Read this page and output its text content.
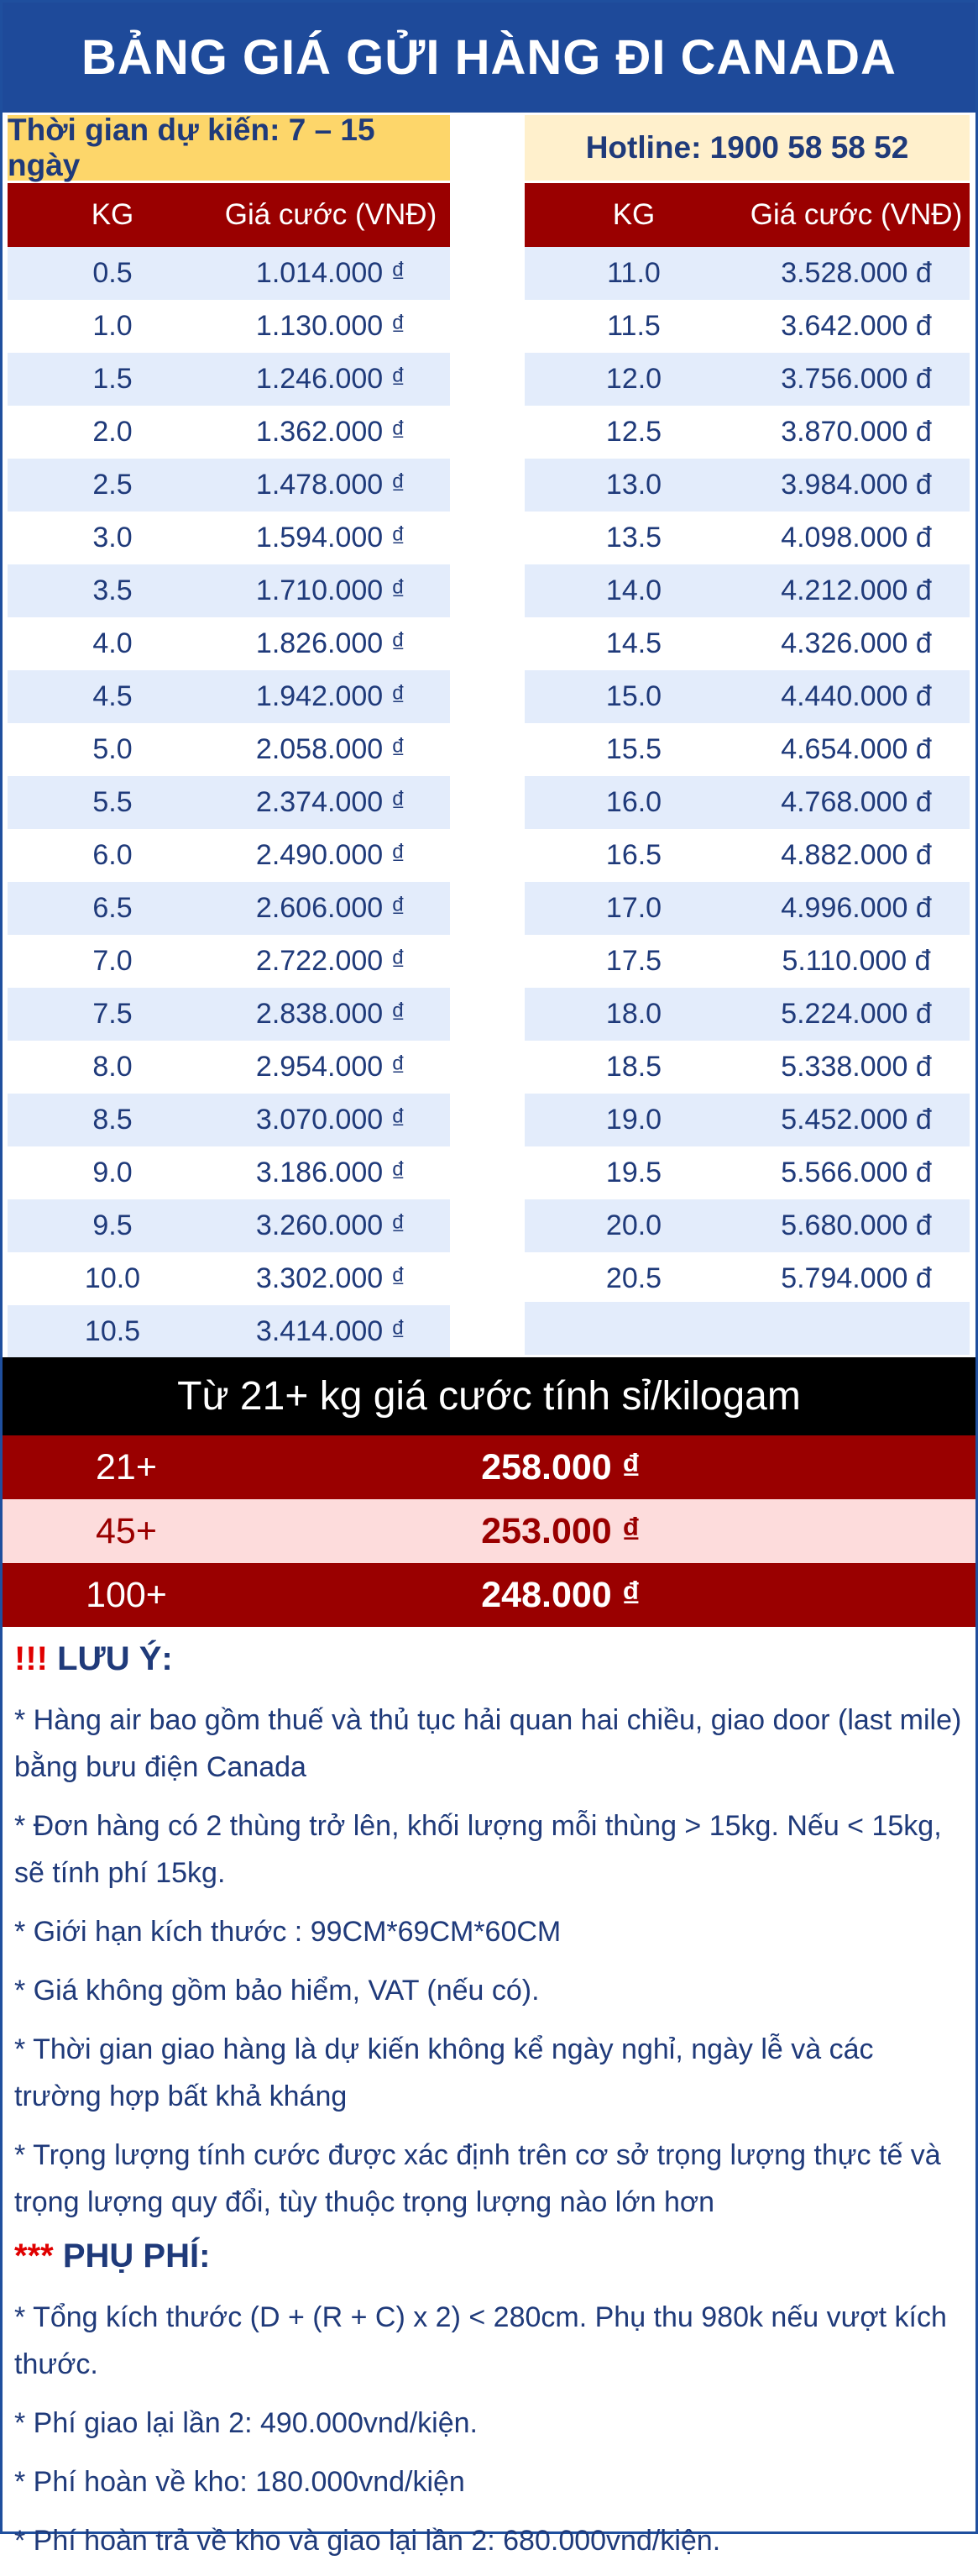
BẢNG GIÁ GỬI HÀNG ĐI CANADA
Thời gian dự kiến: 7 – 15 ngày
Hotline: 1900 58 58 52
KG	Giá cước (VNĐ)
0.5	1.014.000 ₫
1.0	1.130.000 ₫
1.5	1.246.000 ₫
2.0	1.362.000 ₫
2.5	1.478.000 ₫
3.0	1.594.000 ₫
3.5	1.710.000 ₫
4.0	1.826.000 ₫
4.5	1.942.000 ₫
5.0	2.058.000 ₫
5.5	2.374.000 ₫
6.0	2.490.000 ₫
6.5	2.606.000 ₫
7.0	2.722.000 ₫
7.5	2.838.000 ₫
8.0	2.954.000 ₫
8.5	3.070.000 ₫
9.0	3.186.000 ₫
9.5	3.260.000 ₫
10.0	3.302.000 ₫
10.5	3.414.000 ₫
KG	Giá cước (VNĐ)
11.0	3.528.000 đ
11.5	3.642.000 đ
12.0	3.756.000 đ
12.5	3.870.000 đ
13.0	3.984.000 đ
13.5	4.098.000 đ
14.0	4.212.000 đ
14.5	4.326.000 đ
15.0	4.440.000 đ
15.5	4.654.000 đ
16.0	4.768.000 đ
16.5	4.882.000 đ
17.0	4.996.000 đ
17.5	5.110.000 đ
18.0	5.224.000 đ
18.5	5.338.000 đ
19.0	5.452.000 đ
19.5	5.566.000 đ
20.0	5.680.000 đ
20.5	5.794.000 đ
Từ 21+ kg giá cước tính sỉ/kilogam
21+	258.000 ₫
45+	253.000 ₫
100+	248.000 ₫
!!! LƯU Ý:
* Hàng air bao gồm thuế và thủ tục hải quan hai chiều, giao door (last mile) bằng bưu điện Canada
* Đơn hàng có 2 thùng trở lên, khối lượng mỗi thùng > 15kg. Nếu < 15kg, sẽ tính phí 15kg.
* Giới hạn kích thước : 99CM*69CM*60CM
* Giá không gồm bảo hiểm, VAT (nếu có).
* Thời gian giao hàng là dự kiến không kể ngày nghỉ, ngày lễ và các trường hợp bất khả kháng
* Trọng lượng tính cước được xác định trên cơ sở trọng lượng thực tế và trọng lượng quy đổi, tùy thuộc trọng lượng nào lớn hơn
*** PHỤ PHÍ:
* Tổng kích thước (D + (R + C) x 2) < 280cm. Phụ thu 980k nếu vượt kích thước.
* Phí giao lại lần 2: 490.000vnd/kiện.
* Phí hoàn về kho: 180.000vnd/kiện
* Phí hoàn trả về kho và giao lại lần 2: 680.000vnd/kiện.
